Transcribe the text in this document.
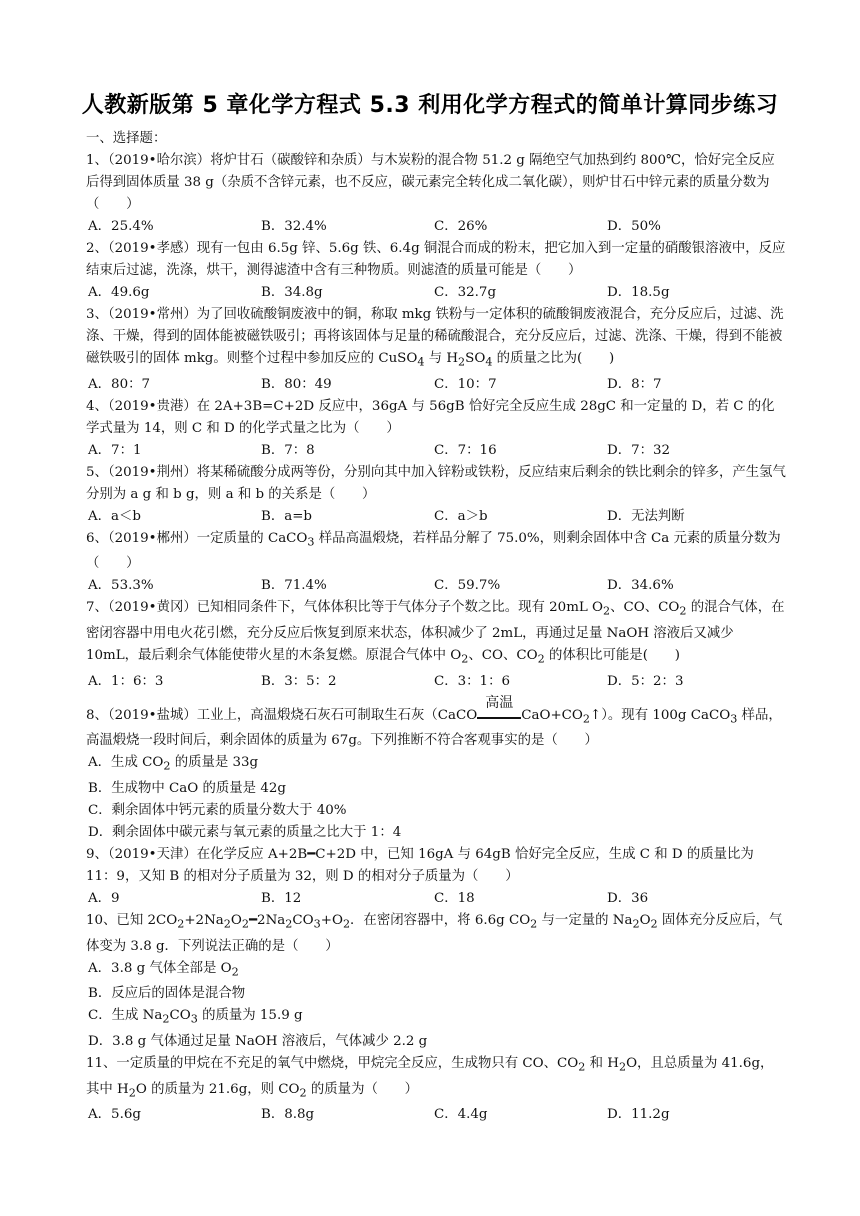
人教新版第 5 章化学方程式 5.3 利用化学方程式的简单计算同步练习

一、选择题：

1、（2019•哈尔滨）将炉甘石（碳酸锌和杂质）与木炭粉的混合物 51.2 g 隔绝空气加热到约 800℃，恰好完全反应后得到固体质量 38 g（杂质不含锌元素，也不反应，碳元素完全转化成二氧化碳），则炉甘石中锌元素的质量分数为（　　）

A．25.4%	B．32.4%	C．26%	D．50%

2、（2019•孝感）现有一包由 6.5g 锌、5.6g 铁、6.4g 铜混合而成的粉末，把它加入到一定量的硝酸银溶液中，反应结束后过滤，洗涤，烘干，测得滤渣中含有三种物质。则滤渣的质量可能是（　　）

A．49.6g	B．34.8g	C．32.7g	D．18.5g

3、（2019•常州）为了回收硫酸铜废液中的铜，称取 mkg 铁粉与一定体积的硫酸铜废液混合，充分反应后，过滤、洗涤、干燥，得到的固体能被磁铁吸引；再将该固体与足量的稀硫酸混合，充分反应后，过滤、洗涤、干燥，得到不能被磁铁吸引的固体 mkg。则整个过程中参加反应的 CuSO$_4$ 与 $H_2SO_4$ 的质量之比为(　　)

A．80：7	B．80：49	C．10：7	D．8：7

4、（2019•贵港）在 2A+3B=C+2D 反应中，36gA 与 56gB 恰好完全反应生成 28gC 和一定量的 D，若 C 的化学式量为 14，则 C 和 D 的化学式量之比为（　　）

A．7：1	B．7：8	C．7：16	D．7：32

5、（2019•荆州）将某稀硫酸分成两等份，分别向其中加入锌粉或铁粉，反应结束后剩余的铁比剩余的锌多，产生氢气分别为 a g 和 b g，则 a 和 b 的关系是（　　）

A．a＜b	B．a=b	C．a＞b	D．无法判断

6、（2019•郴州）一定质量的 CaCO$_3$ 样品高温煅烧，若样品分解了 75.0%，则剩余固体中含 Ca 元素的质量分数为（　　）

A．53.3%	B．71.4%	C．59.7%	D．34.6%

7、（2019•黄冈）已知相同条件下，气体体积比等于气体分子个数之比。现有 20mL $O_2$、CO、$CO_2$ 的混合气体，在密闭容器中用电火花引燃，充分反应后恢复到原来状态，体积减少了 2mL，再通过足量 NaOH 溶液后又减少 10mL，最后剩余气体能使带火星的木条复燃。原混合气体中 $O_2$、CO、$CO_2$ 的体积比可能是(　　)

A．1：6：3	B．3：5：2	C．3：1：6	D．5：2：3

8、（2019•盐城）工业上，高温煅烧石灰石可制取生石灰（CaCO
高温
$CaO+CO_2↑$）。现有 100g CaCO$_3$ 样品，高温煅烧一段时间后，剩余固体的质量为 67g。下列推断不符合客观事实的是（　　）

A．生成 $CO_2$ 的质量是 33g
B．生成物中 CaO 的质量是 42g
C．剩余固体中钙元素的质量分数大于 40%
D．剩余固体中碳元素与氧元素的质量之比大于 1：4

9、（2019•天津）在化学反应 A+2B━C+2D 中，已知 16gA 与 64gB 恰好完全反应，生成 C 和 D 的质量比为 11：9，又知 B 的相对分子质量为 32，则 D 的相对分子质量为（　　）

A．9	B．12	C．18	D．36

10、已知 $2CO_2+2Na_2O_2━2Na_2CO_3+O_2$．在密闭容器中，将 6.6g $CO_2$ 与一定量的 $Na_2O_2$ 固体充分反应后，气体变为 3.8 g．下列说法正确的是（　　）

A．3.8 g 气体全部是 $O_2$
B．反应后的固体是混合物
C．生成 $Na_2CO_3$ 的质量为 15.9 g
D．3.8 g 气体通过足量 NaOH 溶液后，气体减少 2.2 g

11、一定质量的甲烷在不充足的氧气中燃烧，甲烷完全反应，生成物只有 CO、$CO_2$ 和 $H_2O$，且总质量为 41.6g，其中 $H_2O$ 的质量为 21.6g，则 $CO_2$ 的质量为（　　）

A．5.6g	B．8.8g	C．4.4g	D．11.2g
